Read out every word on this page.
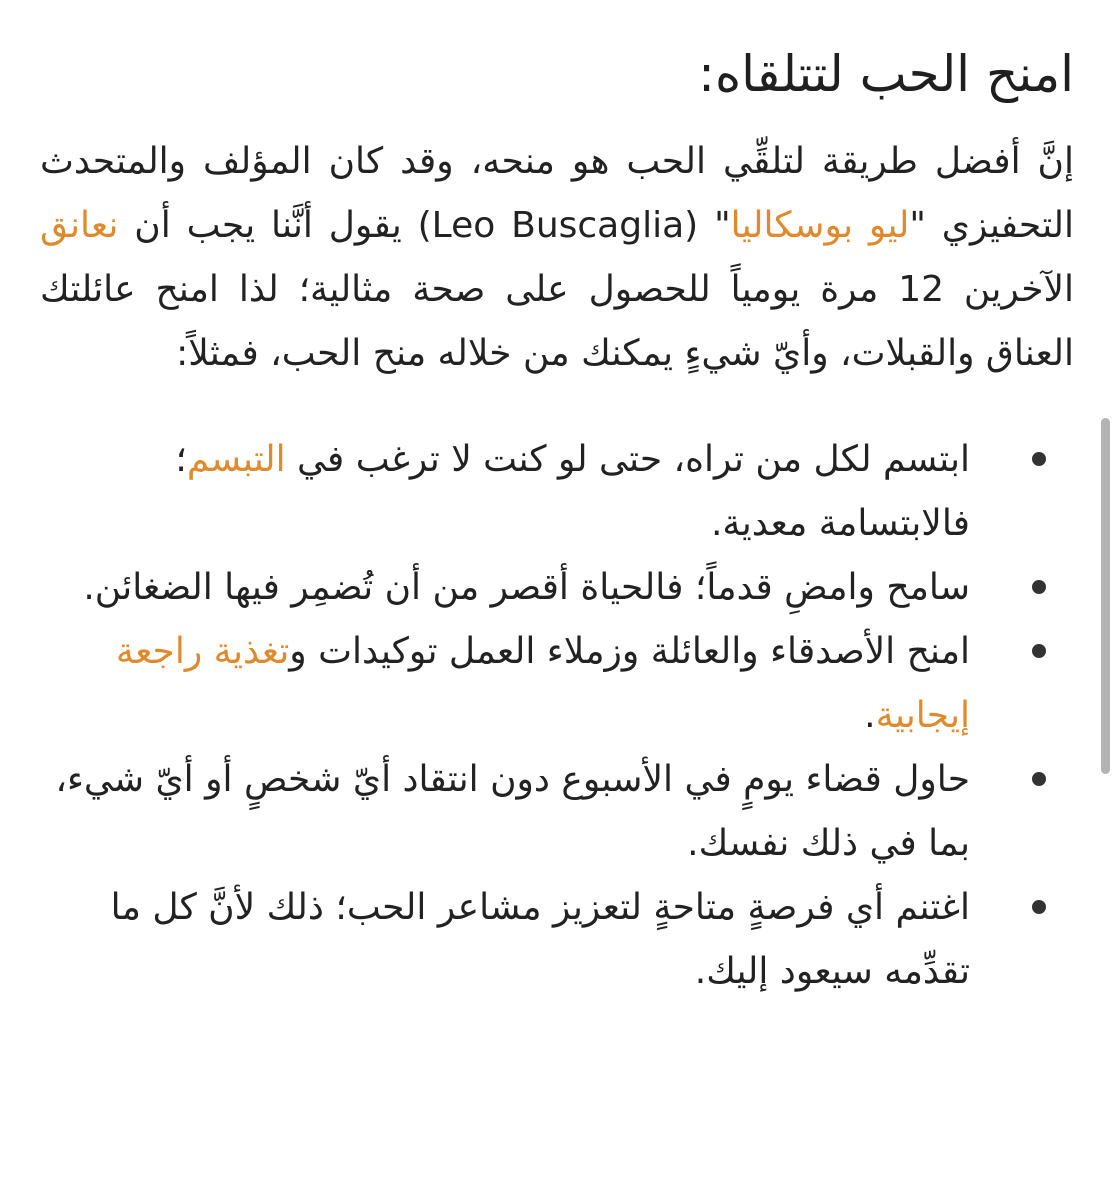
امنح الحب لتتلقاه:

إنَّ أفضل طريقة لتلقِّي الحب هو منحه، وقد كان المؤلف والمتحدث التحفيزي "ليو بوسكاليا" (Leo Buscaglia) يقول أنَّنا يجب أن نعانق الآخرين 12 مرة يومياً للحصول على صحة مثالية؛ لذا امنح عائلتك العناق والقبلات، وأيّ شيءٍ يمكنك من خلاله منح الحب، فمثلاً:

ابتسم لكل من تراه، حتى لو كنت لا ترغب في التبسم؛ فالابتسامة معدية.
سامح وامضِ قدماً؛ فالحياة أقصر من أن تُضمِر فيها الضغائن.
امنح الأصدقاء والعائلة وزملاء العمل توكيدات وتغذية راجعة إيجابية.
حاول قضاء يومٍ في الأسبوع دون انتقاد أيّ شخصٍ أو أيّ شيء، بما في ذلك نفسك.
اغتنم أي فرصةٍ متاحةٍ لتعزيز مشاعر الحب؛ ذلك لأنَّ كل ما تقدِّمه سيعود إليك.
